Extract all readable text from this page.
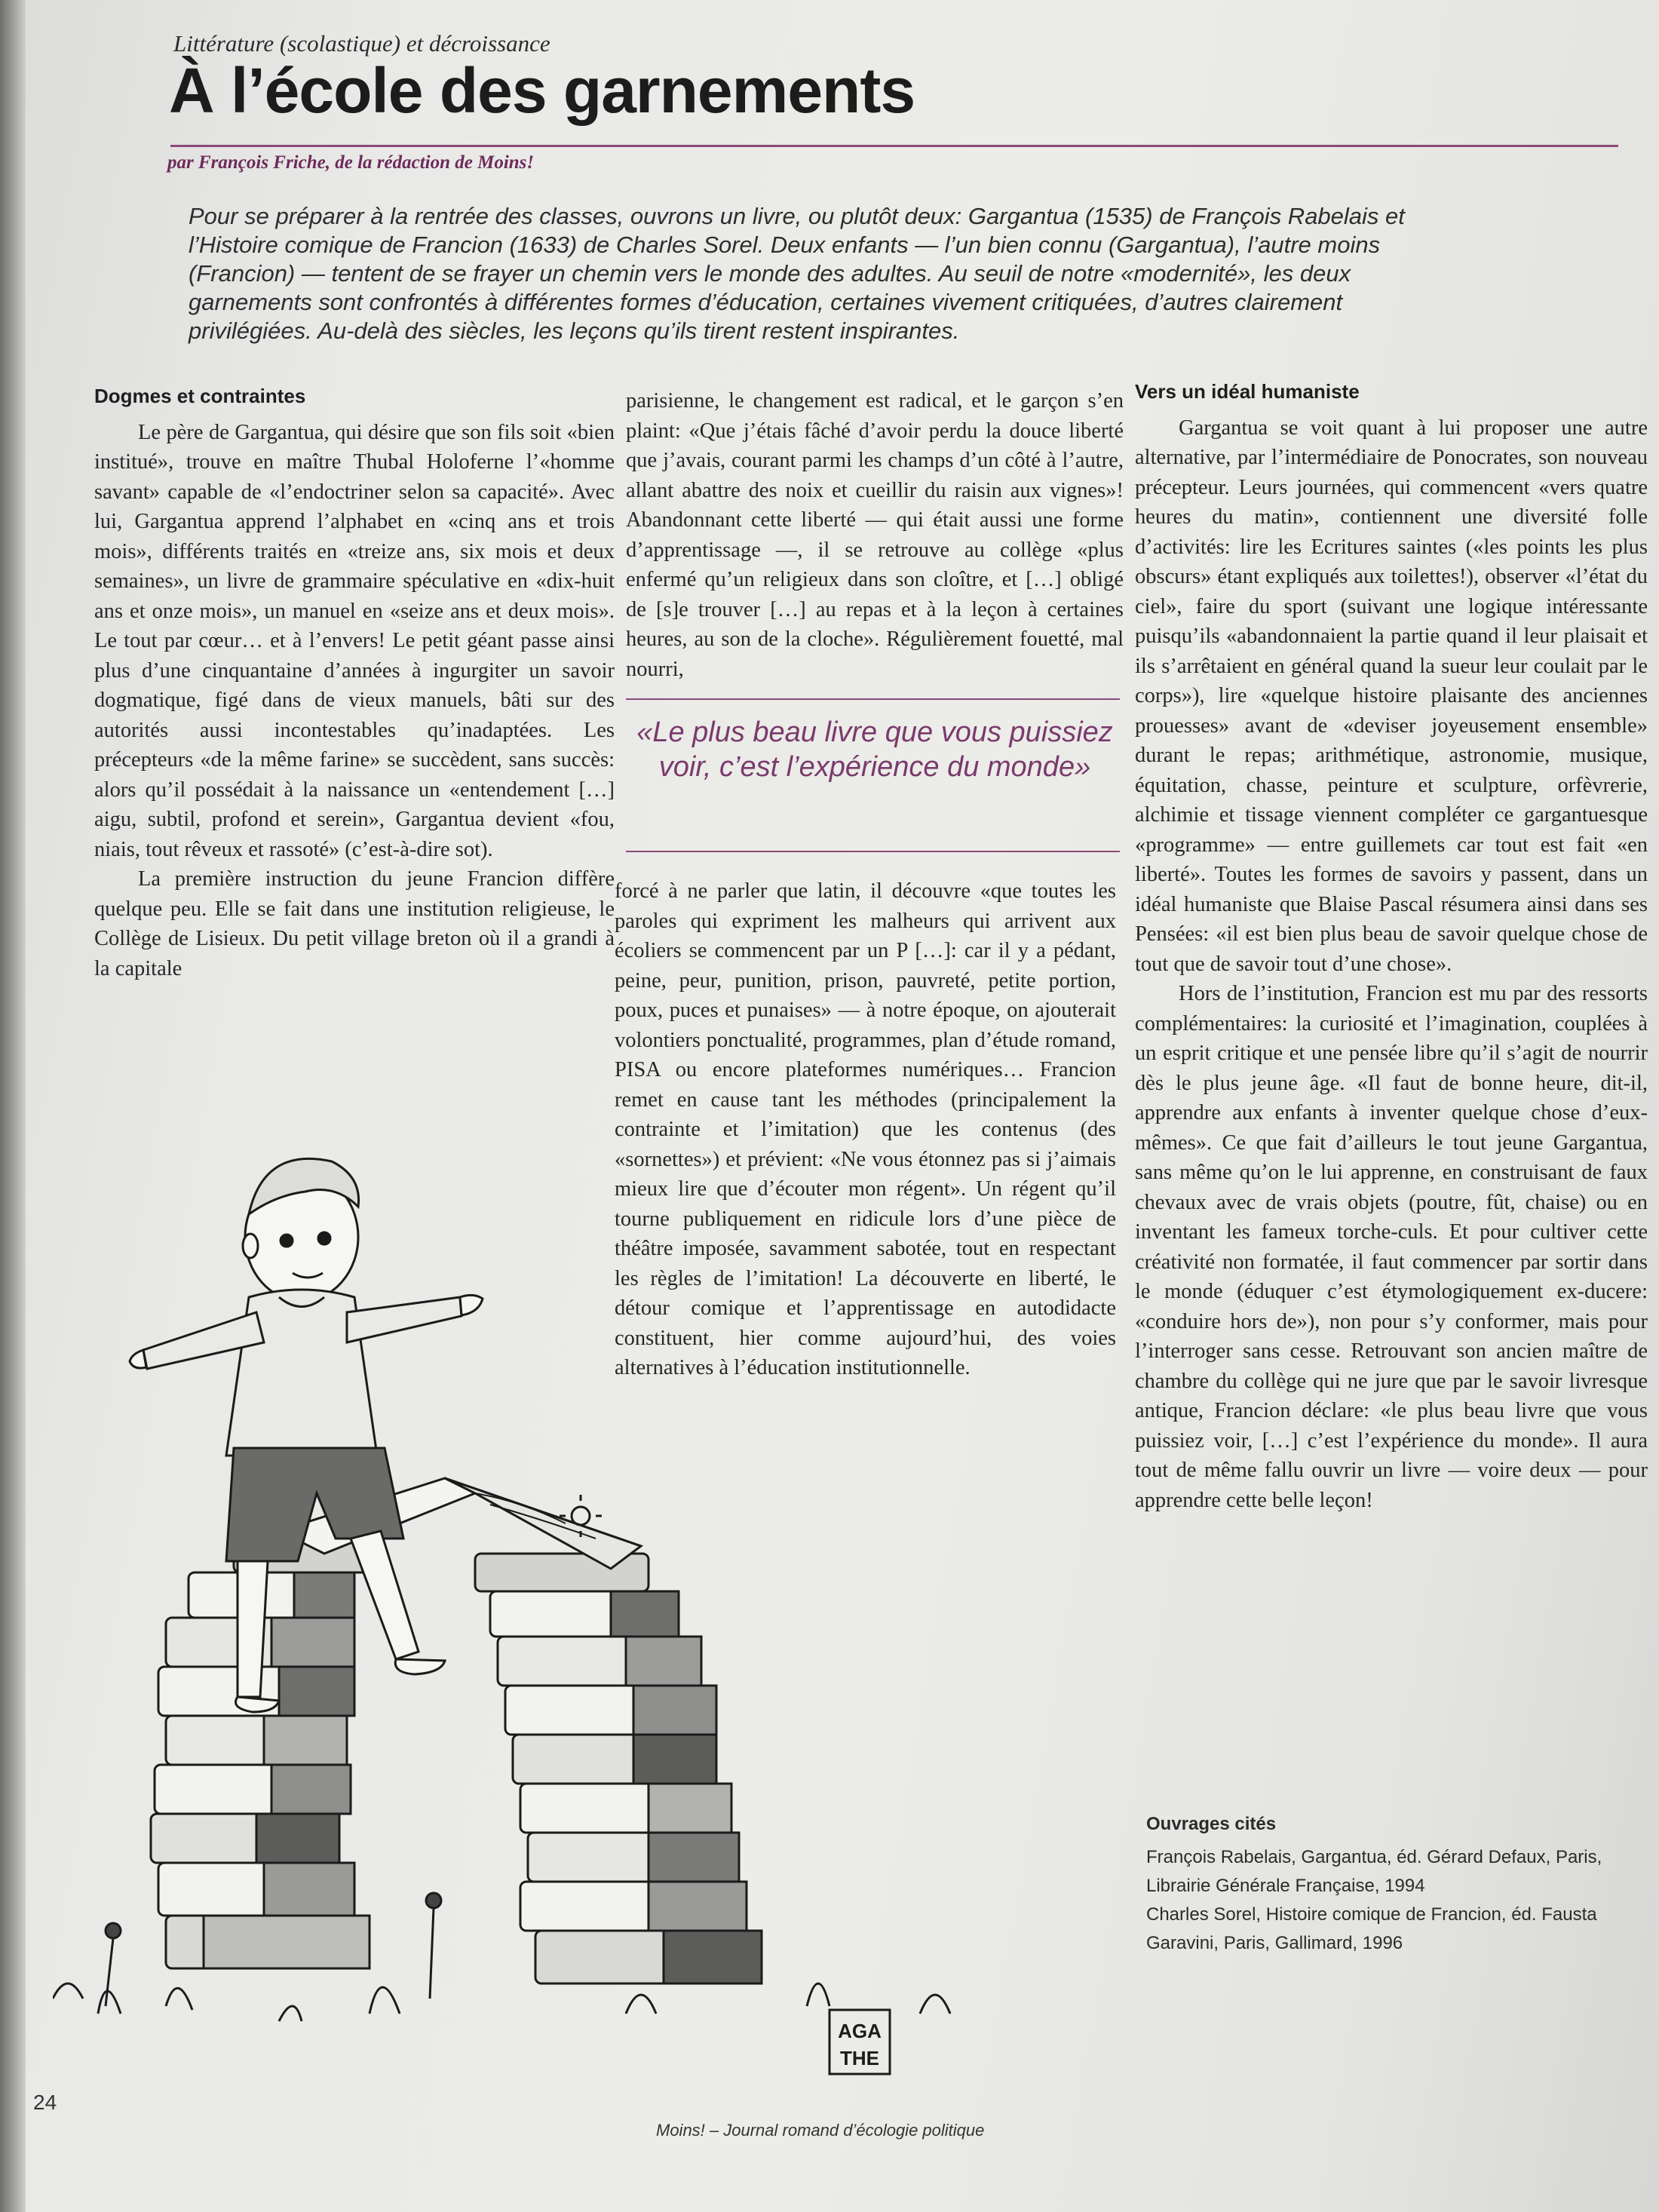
Littérature (scolastique) et décroissance
À l’école des garnements
par François Friche, de la rédaction de Moins!
Pour se préparer à la rentrée des classes, ouvrons un livre, ou plutôt deux: Gargantua (1535) de François Rabelais et l’Histoire comique de Francion (1633) de Charles Sorel. Deux enfants — l’un bien connu (Gargantua), l’autre moins (Francion) — tentent de se frayer un chemin vers le monde des adultes. Au seuil de notre «modernité», les deux garnements sont confrontés à différentes formes d’éducation, certaines vivement critiquées, d’autres clairement privilégiées. Au-delà des siècles, les leçons qu’ils tirent restent inspirantes.
Dogmes et contraintes

Le père de Gargantua, qui désire que son fils soit «bien institué», trouve en maître Thubal Holoferne l’«homme savant» capable de «l’endoctriner selon sa capacité». Avec lui, Gargantua apprend l’alphabet en «cinq ans et trois mois», différents traités en «treize ans, six mois et deux semaines», un livre de grammaire spéculative en «dix-huit ans et onze mois», un manuel en «seize ans et deux mois». Le tout par cœur… et à l’envers! Le petit géant passe ainsi plus d’une cinquantaine d’années à ingurgiter un savoir dogmatique, figé dans de vieux manuels, bâti sur des autorités aussi incontestables qu’inadaptées. Les précepteurs «de la même farine» se succèdent, sans succès: alors qu’il possédait à la naissance un «entendement […] aigu, subtil, profond et serein», Gargantua devient «fou, niais, tout rêveux et rassoté» (c’est-à-dire sot).

La première instruction du jeune Francion diffère quelque peu. Elle se fait dans une institution religieuse, le Collège de Lisieux. Du petit village breton où il a grandi à la capitale

parisienne, le changement est radical, et le garçon s’en plaint: «Que j’étais fâché d’avoir perdu la douce liberté que j’avais, courant parmi les champs d’un côté à l’autre, allant abattre des noix et cueillir du raisin aux vignes»! Abandonnant cette liberté — qui était aussi une forme d’apprentissage —, il se retrouve au collège «plus enfermé qu’un religieux dans son cloître, et […] obligé de [s]e trouver […] au repas et à la leçon à certaines heures, au son de la cloche». Régulièrement fouetté, mal nourri,

«Le plus beau livre que vous puissiez voir, c’est l’expérience du monde»

forcé à ne parler que latin, il découvre «que toutes les paroles qui expriment les malheurs qui arrivent aux écoliers se commencent par un P […]: car il y a pédant, peine, peur, punition, prison, pauvreté, petite portion, poux, puces et punaises» — à notre époque, on ajouterait volontiers ponctualité, programmes, plan d’étude romand, PISA ou encore plateformes numériques… Francion remet en cause tant les méthodes (principalement la contrainte et l’imitation) que les contenus (des «sornettes») et prévient: «Ne vous étonnez pas si j’aimais mieux lire que d’écouter mon régent». Un régent qu’il tourne publiquement en ridicule lors d’une pièce de théâtre imposée, savamment sabotée, tout en respectant les règles de l’imitation! La découverte en liberté, le détour comique et l’apprentissage en autodidacte constituent, hier comme aujourd’hui, des voies alternatives à l’éducation institutionnelle.

Vers un idéal humaniste

Gargantua se voit quant à lui proposer une autre alternative, par l’intermédiaire de Ponocrates, son nouveau précepteur. Leurs journées, qui commencent «vers quatre heures du matin», contiennent une diversité folle d’activités: lire les Ecritures saintes («les points les plus obscurs» étant expliqués aux toilettes!), observer «l’état du ciel», faire du sport (suivant une logique intéressante puisqu’ils «abandonnaient la partie quand il leur plaisait et ils s’arrêtaient en général quand la sueur leur coulait par le corps»), lire «quelque histoire plaisante des anciennes prouesses» avant de «deviser joyeusement ensemble» durant le repas; arithmétique, astronomie, musique, équitation, chasse, peinture et sculpture, orfèvrerie, alchimie et tissage viennent compléter ce gargantuesque «programme» — entre guillemets car tout est fait «en liberté». Toutes les formes de savoirs y passent, dans un idéal humaniste que Blaise Pascal résumera ainsi dans ses Pensées: «il est bien plus beau de savoir quelque chose de tout que de savoir tout d’une chose».

Hors de l’institution, Francion est mu par des ressorts complémentaires: la curiosité et l’imagination, couplées à un esprit critique et une pensée libre qu’il s’agit de nourrir dès le plus jeune âge. «Il faut de bonne heure, dit-il, apprendre aux enfants à inventer quelque chose d’eux-mêmes». Ce que fait d’ailleurs le tout jeune Gargantua, sans même qu’on le lui apprenne, en construisant de faux chevaux avec de vrais objets (poutre, fût, chaise) ou en inventant les fameux torche-culs. Et pour cultiver cette créativité non formatée, il faut commencer par sortir dans le monde (éduquer c’est étymologiquement ex-ducere: «conduire hors de»), non pour s’y conformer, mais pour l’interroger sans cesse. Retrouvant son ancien maître de chambre du collège qui ne jure que par le savoir livresque antique, Francion déclare: «le plus beau livre que vous puissiez voir, […] c’est l’expérience du monde». Il aura tout de même fallu ouvrir un livre — voire deux — pour apprendre cette belle leçon!

Ouvrages cités

François Rabelais, Gargantua, éd. Gérard Defaux, Paris, Librairie Générale Française, 1994

Charles Sorel, Histoire comique de Francion, éd. Fausta Garavini, Paris, Gallimard, 1996

AGA
THE
24
Moins! – Journal romand d’écologie politique
